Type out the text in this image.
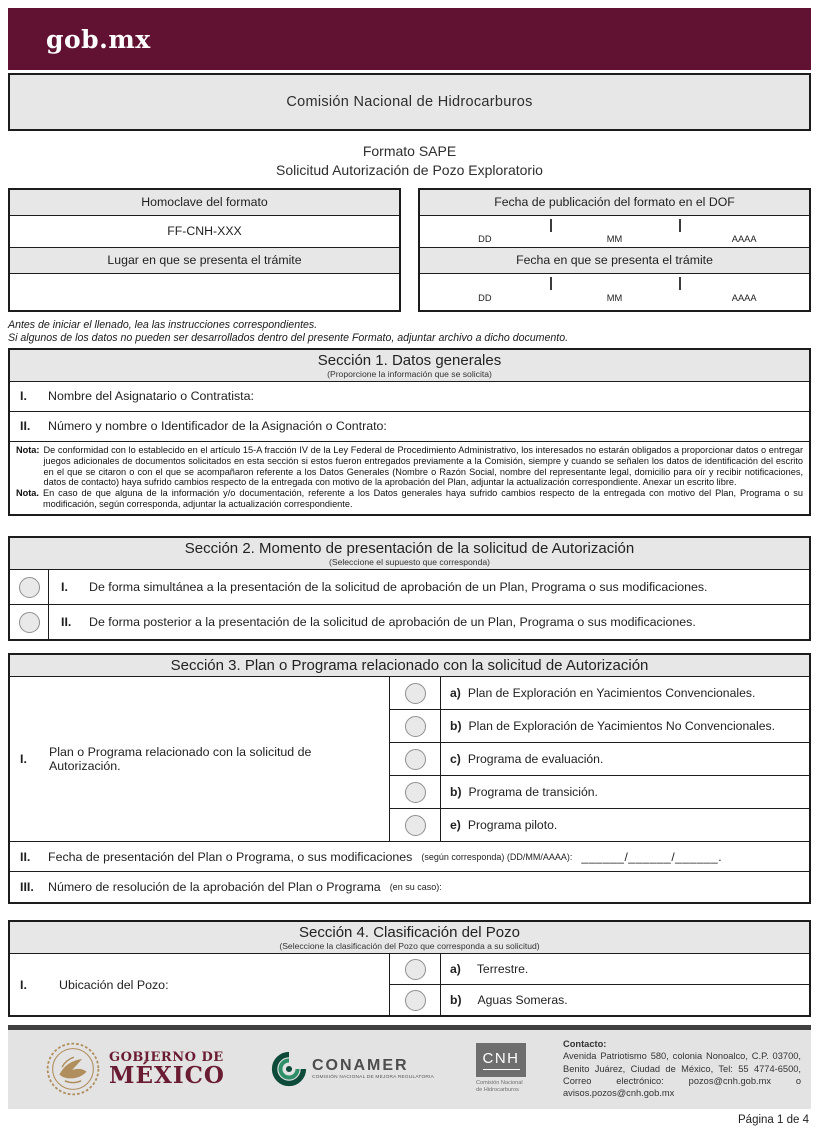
gob.mx
Comisión Nacional de Hidrocarburos
Formato SAPE
Solicitud Autorización de Pozo Exploratorio
Homoclave del formato
FF-CNH-XXX
Lugar en que se presenta el trámite
Fecha de publicación del formato en el DOF
DD	MM	AAAA
Fecha en que se presenta el trámite
DD	MM	AAAA
Antes de iniciar el llenado, lea las instrucciones correspondientes.
Si algunos de los datos no pueden ser desarrollados dentro del presente Formato, adjuntar archivo a dicho documento.
Sección 1. Datos generales
(Proporcione la información que se solicita)
I.	Nombre del Asignatario o Contratista:
II.	Número y nombre o Identificador de la Asignación o Contrato:
Nota: De conformidad con lo establecido en el artículo 15-A fracción IV de la Ley Federal de Procedimiento Administrativo, los interesados no estarán obligados a proporcionar datos o entregar juegos adicionales de documentos solicitados en esta sección si estos fueron entregados previamente a la Comisión, siempre y cuando se señalen los datos de identificación del escrito en el que se citaron o con el que se acompañaron referente a los Datos Generales (Nombre o Razón Social, nombre del representante legal, domicilio para oír y recibir notificaciones, datos de contacto) haya sufrido cambios respecto de la entregada con motivo de la aprobación del Plan, adjuntar la actualización correspondiente. Anexar un escrito libre.
Nota. En caso de que alguna de la información y/o documentación, referente a los Datos generales haya sufrido cambios respecto de la entregada con motivo del Plan, Programa o su modificación, según corresponda, adjuntar la actualización correspondiente.
Sección 2. Momento de presentación de la solicitud de Autorización
(Seleccione el supuesto que corresponda)
I.	De forma simultánea a la presentación de la solicitud de aprobación de un Plan, Programa o sus modificaciones.
II.	De forma posterior a la presentación de la solicitud de aprobación de un Plan, Programa o sus modificaciones.
Sección 3. Plan o Programa relacionado con la solicitud de Autorización
I.	Plan o Programa relacionado con la solicitud de Autorización.
a) Plan de Exploración en Yacimientos Convencionales.
b) Plan de Exploración de Yacimientos No Convencionales.
c) Programa de evaluación.
b) Programa de transición.
e) Programa piloto.
II.	Fecha de presentación del Plan o Programa, o sus modificaciones (según corresponda) (DD/MM/AAAA): ______/______/______.
III.	Número de resolución de la aprobación del Plan o Programa (en su caso):
Sección 4. Clasificación del Pozo
(Seleccione la clasificación del Pozo que corresponda a su solicitud)
I.	Ubicación del Pozo:
a) Terrestre.
b) Aguas Someras.
GOBIERNO DE
MÉXICO	CONAMER
COMISIÓN NACIONAL DE MEJORA REGULATORIA
CNH
Comisión Nacional
de Hidrocarburos
Contacto:
Avenida Patriotismo 580, colonia Nonoalco, C.P. 03700, Benito Juárez, Ciudad de México, Tel: 55 4774-6500, Correo electrónico: pozos@cnh.gob.mx o avisos.pozos@cnh.gob.mx
Página 1 de 4
